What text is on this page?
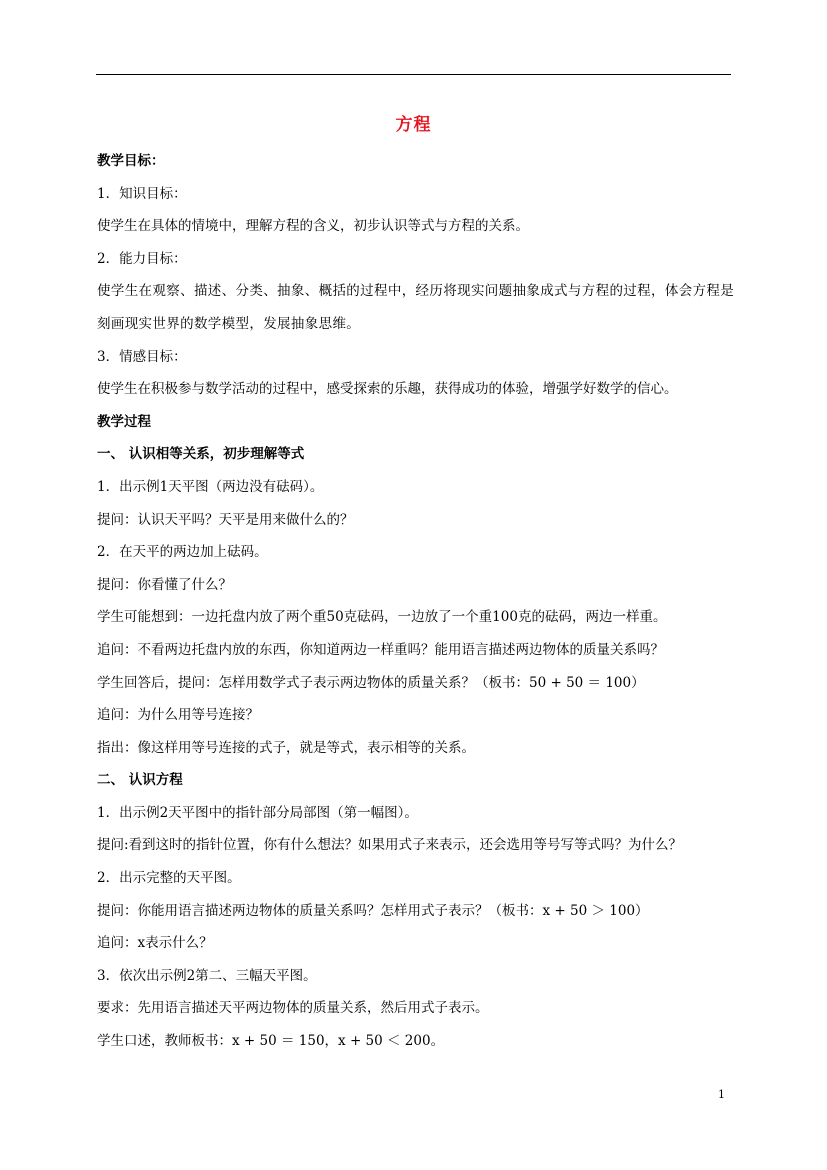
方程
教学目标：
1．知识目标：
使学生在具体的情境中，理解方程的含义，初步认识等式与方程的关系。
2．能力目标：
使学生在观察、描述、分类、抽象、概括的过程中，经历将现实问题抽象成式与方程的过程，体会方程是刻画现实世界的数学模型，发展抽象思维。
3．情感目标：
使学生在积极参与数学活动的过程中，感受探索的乐趣，获得成功的体验，增强学好数学的信心。
教学过程
一、 认识相等关系，初步理解等式
1．出示例1天平图（两边没有砝码）。
提问：认识天平吗？天平是用来做什么的？
2．在天平的两边加上砝码。
提问：你看懂了什么？
学生可能想到：一边托盘内放了两个重50克砝码，一边放了一个重100克的砝码，两边一样重。
追问：不看两边托盘内放的东西，你知道两边一样重吗？能用语言描述两边物体的质量关系吗？
学生回答后，提问：怎样用数学式子表示两边物体的质量关系？（板书：50 + 50 ＝ 100）
追问：为什么用等号连接？
指出：像这样用等号连接的式子，就是等式，表示相等的关系。
二、 认识方程
1．出示例2天平图中的指针部分局部图（第一幅图）。
提问:看到这时的指针位置，你有什么想法？如果用式子来表示，还会选用等号写等式吗？为什么？
2．出示完整的天平图。
提问：你能用语言描述两边物体的质量关系吗？怎样用式子表示？（板书：x + 50 ＞ 100）
追问：x表示什么？
3．依次出示例2第二、三幅天平图。
要求：先用语言描述天平两边物体的质量关系，然后用式子表示。
学生口述，教师板书：x + 50 ＝ 150，x + 50 ＜ 200。
1
